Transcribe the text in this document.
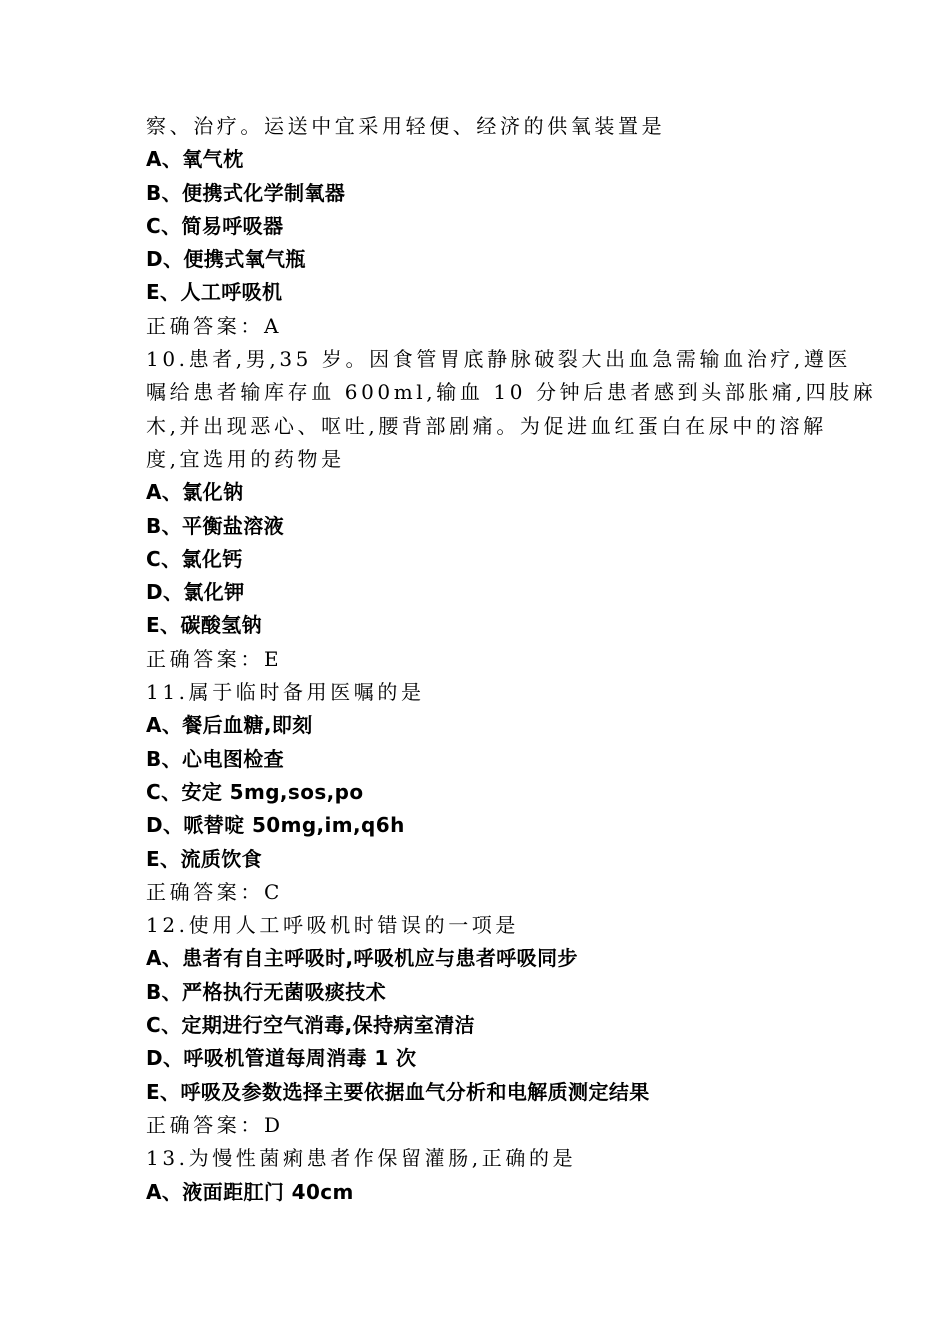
察、治疗。运送中宜采用轻便、经济的供氧装置是
A、氧气枕
B、便携式化学制氧器
C、简易呼吸器
D、便携式氧气瓶
E、人工呼吸机
正确答案：A
10.患者,男,35 岁。因食管胃底静脉破裂大出血急需输血治疗,遵医
嘱给患者输库存血 600ml,输血 10 分钟后患者感到头部胀痛,四肢麻
木,并出现恶心、呕吐,腰背部剧痛。为促进血红蛋白在尿中的溶解
度,宜选用的药物是
A、氯化钠
B、平衡盐溶液
C、氯化钙
D、氯化钾
E、碳酸氢钠
正确答案：E
11.属于临时备用医嘱的是
A、餐后血糖,即刻
B、心电图检查
C、安定 5mg,sos,po
D、哌替啶 50mg,im,q6h
E、流质饮食
正确答案：C
12.使用人工呼吸机时错误的一项是
A、患者有自主呼吸时,呼吸机应与患者呼吸同步
B、严格执行无菌吸痰技术
C、定期进行空气消毒,保持病室清洁
D、呼吸机管道每周消毒 1 次
E、呼吸及参数选择主要依据血气分析和电解质测定结果
正确答案：D
13.为慢性菌痢患者作保留灌肠,正确的是
A、液面距肛门 40cm
